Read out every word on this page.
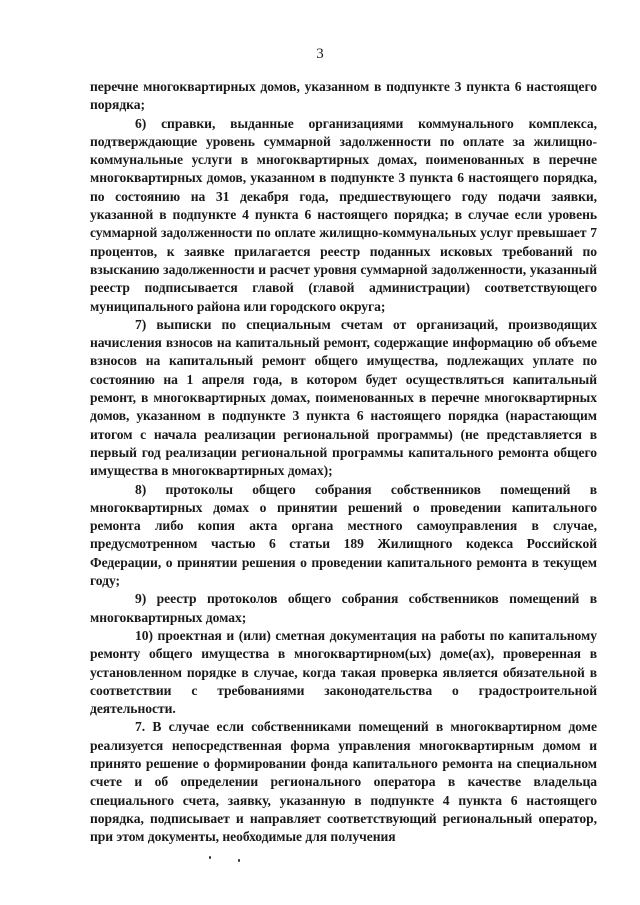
3

перечне многоквартирных домов, указанном в подпункте 3 пункта 6 настоящего порядка;

6) справки, выданные организациями коммунального комплекса, подтверждающие уровень суммарной задолженности по оплате за жилищно-коммунальные услуги в многоквартирных домах, поименованных в перечне многоквартирных домов, указанном в подпункте 3 пункта 6 настоящего порядка, по состоянию на 31 декабря года, предшествующего году подачи заявки, указанной в подпункте 4 пункта 6 настоящего порядка; в случае если уровень суммарной задолженности по оплате жилищно-коммунальных услуг превышает 7 процентов, к заявке прилагается реестр поданных исковых требований по взысканию задолженности и расчет уровня суммарной задолженности, указанный реестр подписывается главой (главой администрации) соответствующего муниципального района или городского округа;

7) выписки по специальным счетам от организаций, производящих начисления взносов на капитальный ремонт, содержащие информацию об объеме взносов на капитальный ремонт общего имущества, подлежащих уплате по состоянию на 1 апреля года, в котором будет осуществляться капитальный ремонт, в многоквартирных домах, поименованных в перечне многоквартирных домов, указанном в подпункте 3 пункта 6 настоящего порядка (нарастающим итогом с начала реализации региональной программы) (не представляется в первый год реализации региональной программы капитального ремонта общего имущества в многоквартирных домах);

8) протоколы общего собрания собственников помещений в многоквартирных домах о принятии решений о проведении капитального ремонта либо копия акта органа местного самоуправления в случае, предусмотренном частью 6 статьи 189 Жилищного кодекса Российской Федерации, о принятии решения о проведении капитального ремонта в текущем году;

9) реестр протоколов общего собрания собственников помещений в многоквартирных домах;

10) проектная и (или) сметная документация на работы по капитальному ремонту общего имущества в многоквартирном(ых) доме(ах), проверенная в установленном порядке в случае, когда такая проверка является обязательной в соответствии с требованиями законодательства о градостроительной деятельности.

7. В случае если собственниками помещений в многоквартирном доме реализуется непосредственная форма управления многоквартирным домом и принято решение о формировании фонда капитального ремонта на специальном счете и об определении регионального оператора в качестве владельца специального счета, заявку, указанную в подпункте 4 пункта 6 настоящего порядка, подписывает и направляет соответствующий региональный оператор, при этом документы, необходимые для получения
